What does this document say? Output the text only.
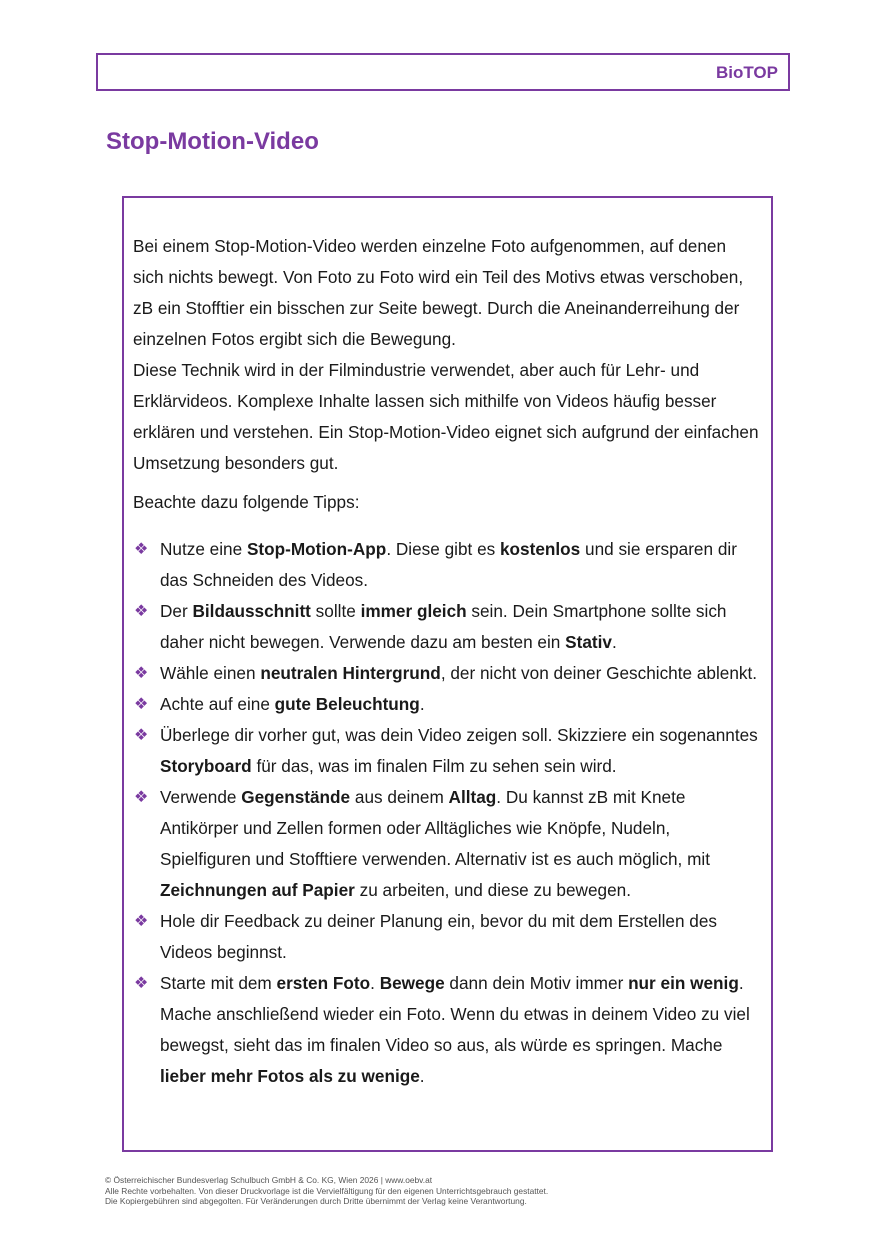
BioTOP
Stop-Motion-Video

Bei einem Stop-Motion-Video werden einzelne Foto aufgenommen, auf denen sich nichts bewegt. Von Foto zu Foto wird ein Teil des Motivs etwas verschoben, zB ein Stofftier ein bisschen zur Seite bewegt. Durch die Aneinanderreihung der einzelnen Fotos ergibt sich die Bewegung.

Diese Technik wird in der Filmindustrie verwendet, aber auch für Lehr- und Erklärvideos. Komplexe Inhalte lassen sich mithilfe von Videos häufig besser erklären und verstehen. Ein Stop-Motion-Video eignet sich aufgrund der einfachen Umsetzung besonders gut.

Beachte dazu folgende Tipps:

❖ Nutze eine Stop-Motion-App. Diese gibt es kostenlos und sie ersparen dir das Schneiden des Videos.
❖ Der Bildausschnitt sollte immer gleich sein. Dein Smartphone sollte sich daher nicht bewegen. Verwende dazu am besten ein Stativ.
❖ Wähle einen neutralen Hintergrund, der nicht von deiner Geschichte ablenkt.
❖ Achte auf eine gute Beleuchtung.
❖ Überlege dir vorher gut, was dein Video zeigen soll. Skizziere ein sogenanntes Storyboard für das, was im finalen Film zu sehen sein wird.
❖ Verwende Gegenstände aus deinem Alltag. Du kannst zB mit Knete Antikörper und Zellen formen oder Alltägliches wie Knöpfe, Nudeln, Spielfiguren und Stofftiere verwenden. Alternativ ist es auch möglich, mit Zeichnungen auf Papier zu arbeiten, und diese zu bewegen.
❖ Hole dir Feedback zu deiner Planung ein, bevor du mit dem Erstellen des Videos beginnst.
❖ Starte mit dem ersten Foto. Bewege dann dein Motiv immer nur ein wenig. Mache anschließend wieder ein Foto. Wenn du etwas in deinem Video zu viel bewegst, sieht das im finalen Video so aus, als würde es springen. Mache lieber mehr Fotos als zu wenige.
© Österreichischer Bundesverlag Schulbuch GmbH & Co. KG, Wien 2026 | www.oebv.at
Alle Rechte vorbehalten. Von dieser Druckvorlage ist die Vervielfältigung für den eigenen Unterrichtsgebrauch gestattet.
Die Kopiergebühren sind abgegolten. Für Veränderungen durch Dritte übernimmt der Verlag keine Verantwortung.
